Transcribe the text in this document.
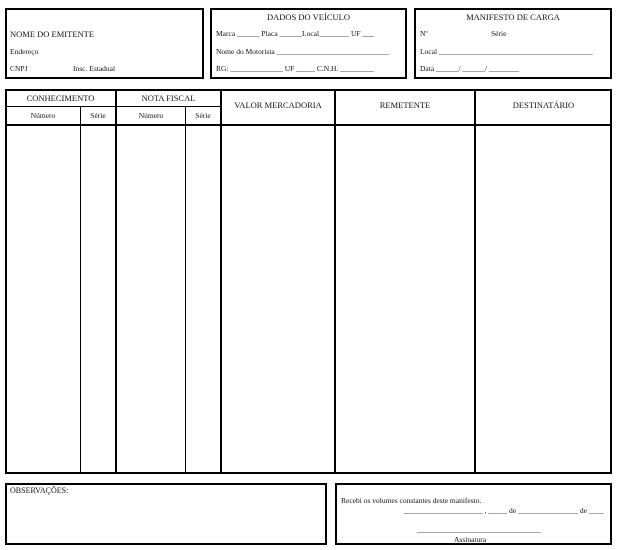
NOME DO EMITENTE
Endereço
CNPJ	Insc. Estadual
DADOS DO VEÍCULO
Marca ______ Placa ______Local________ UF ___
Nome do Motorista ______________________________
RG: ______________ UF _____ C.N.H. _________
MANIFESTO DE CARGA
Nº	Série
Local _________________________________________
Data ______/ ______/ ________
CONHECIMENTO	NOTA FISCAL
Número	Série	Número	Série
VALOR MERCADORIA	REMETENTE	DESTINATÁRIO
OBSERVAÇÕES:
Recebi os volumes constantes deste manifesto.
_____________________ , _____ de ________________ de ____
_________________________________
Assinatura
